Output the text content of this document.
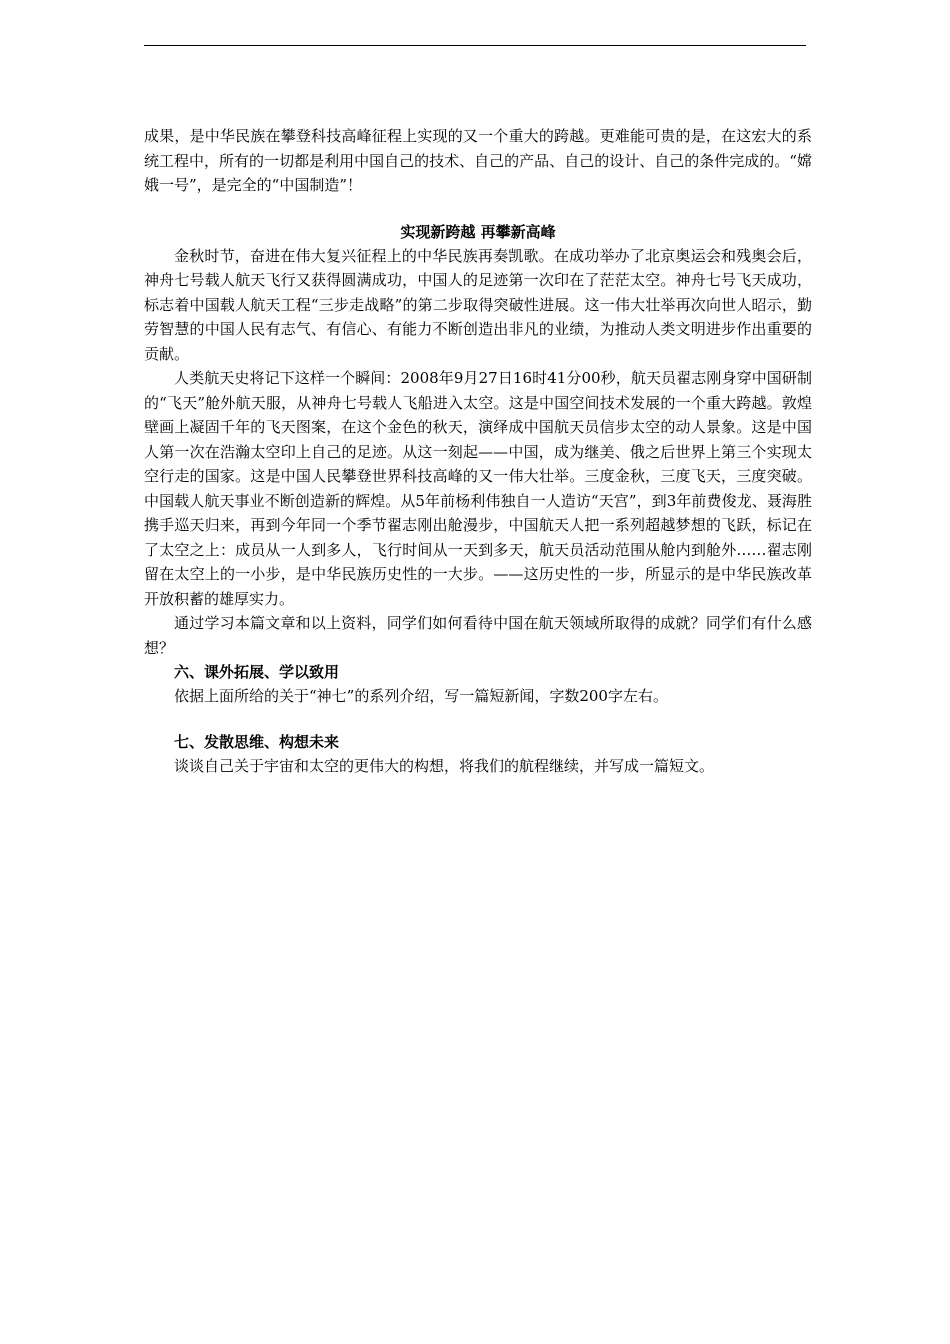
成果，是中华民族在攀登科技高峰征程上实现的又一个重大的跨越。更难能可贵的是，在这宏大的系统工程中，所有的一切都是利用中国自己的技术、自己的产品、自己的设计、自己的条件完成的。“嫦娥一号”，是完全的“中国制造”！

实现新跨越 再攀新高峰

金秋时节，奋进在伟大复兴征程上的中华民族再奏凯歌。在成功举办了北京奥运会和残奥会后，神舟七号载人航天飞行又获得圆满成功，中国人的足迹第一次印在了茫茫太空。神舟七号飞天成功，标志着中国载人航天工程“三步走战略”的第二步取得突破性进展。这一伟大壮举再次向世人昭示，勤劳智慧的中国人民有志气、有信心、有能力不断创造出非凡的业绩，为推动人类文明进步作出重要的贡献。

人类航天史将记下这样一个瞬间：2008年9月27日16时41分00秒，航天员翟志刚身穿中国研制的“飞天”舱外航天服，从神舟七号载人飞船进入太空。这是中国空间技术发展的一个重大跨越。敦煌壁画上凝固千年的飞天图案，在这个金色的秋天，演绎成中国航天员信步太空的动人景象。这是中国人第一次在浩瀚太空印上自己的足迹。从这一刻起——中国，成为继美、俄之后世界上第三个实现太空行走的国家。这是中国人民攀登世界科技高峰的又一伟大壮举。三度金秋，三度飞天，三度突破。中国载人航天事业不断创造新的辉煌。从5年前杨利伟独自一人造访“天宫”，到3年前费俊龙、聂海胜携手巡天归来，再到今年同一个季节翟志刚出舱漫步，中国航天人把一系列超越梦想的飞跃，标记在了太空之上：成员从一人到多人，飞行时间从一天到多天，航天员活动范围从舱内到舱外……翟志刚留在太空上的一小步，是中华民族历史性的一大步。——这历史性的一步，所显示的是中华民族改革开放积蓄的雄厚实力。

通过学习本篇文章和以上资料，同学们如何看待中国在航天领域所取得的成就？同学们有什么感想？

六、课外拓展、学以致用

依据上面所给的关于“神七”的系列介绍，写一篇短新闻，字数200字左右。

七、发散思维、构想未来

谈谈自己关于宇宙和太空的更伟大的构想，将我们的航程继续，并写成一篇短文。
